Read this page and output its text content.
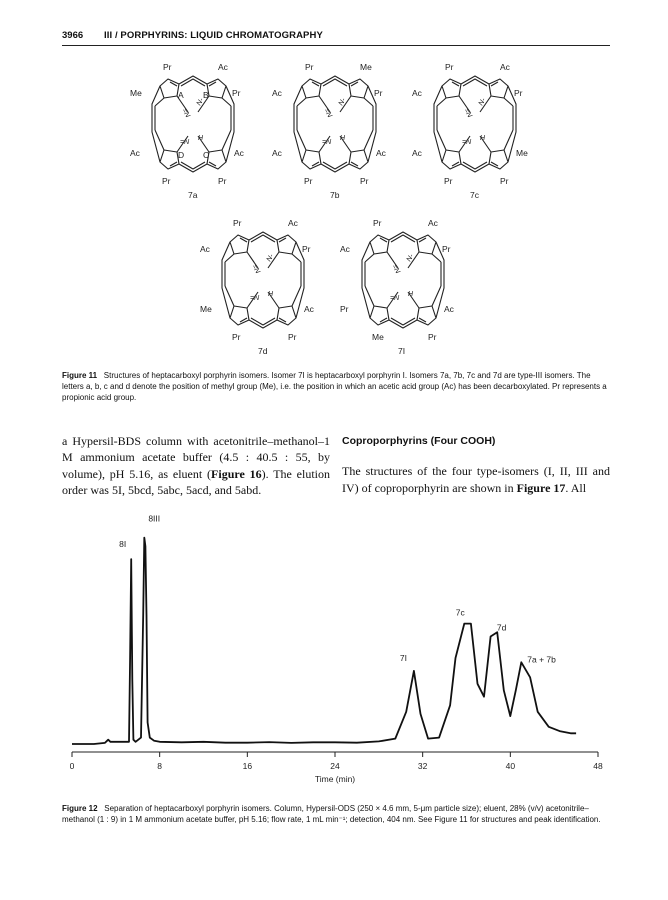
3966 III / PORPHYRINS: LIQUID CHROMATOGRAPHY
=N
N-
=N
H
Pr	Ac
Me	Pr
Ac	Ac
Pr	Pr
A B
C
D
7a
=N
N-
=N
H
Pr	Me
Ac	Pr
Ac	Ac
Pr	Pr
7b
=N
N-
=N
H
Pr	Ac
Ac	Pr
Ac	Me
Pr	Pr
7c
=N
N-
=N
H
Pr	Ac
Ac	Pr
Me	Ac
Pr	Pr
7d
=N
N-
=N
H
Pr	Ac
Ac	Pr
Pr	Ac
Me	Pr
7I
Figure 11 Structures of heptacarboxyl porphyrin isomers. Isomer 7I is heptacarboxyl porphyrin I. Isomers 7a, 7b, 7c and 7d are type-III isomers. The letters a, b, c and d denote the position of methyl group (Me), i.e. the position in which an acetic acid group (Ac) has been decarboxylated. Pr represents a propionic acid group.
a Hypersil-BDS column with acetonitrile–methanol–1 M ammonium acetate buffer (4.5 : 40.5 : 55, by volume), pH 5.16, as eluent (Figure 16). The elution order was 5I, 5bcd, 5abc, 5acd, and 5abd.
Coproporphyrins (Four COOH)
The structures of the four type-isomers (I, II, III and IV) of coproporphyrin are shown in Figure 17. All
0	8	16	24	32	40	48
8I
8III
7I
7c
7d
7a + 7b
Time (min)
Figure 12 Separation of heptacarboxyl porphyrin isomers. Column, Hypersil-ODS (250 × 4.6 mm, 5-μm particle size); eluent, 28% (v/v) acetonitrile–methanol (1 : 9) in 1 M ammonium acetate buffer, pH 5.16; flow rate, 1 mL min⁻¹; detection, 404 nm. See Figure 11 for structures and peak identification.
